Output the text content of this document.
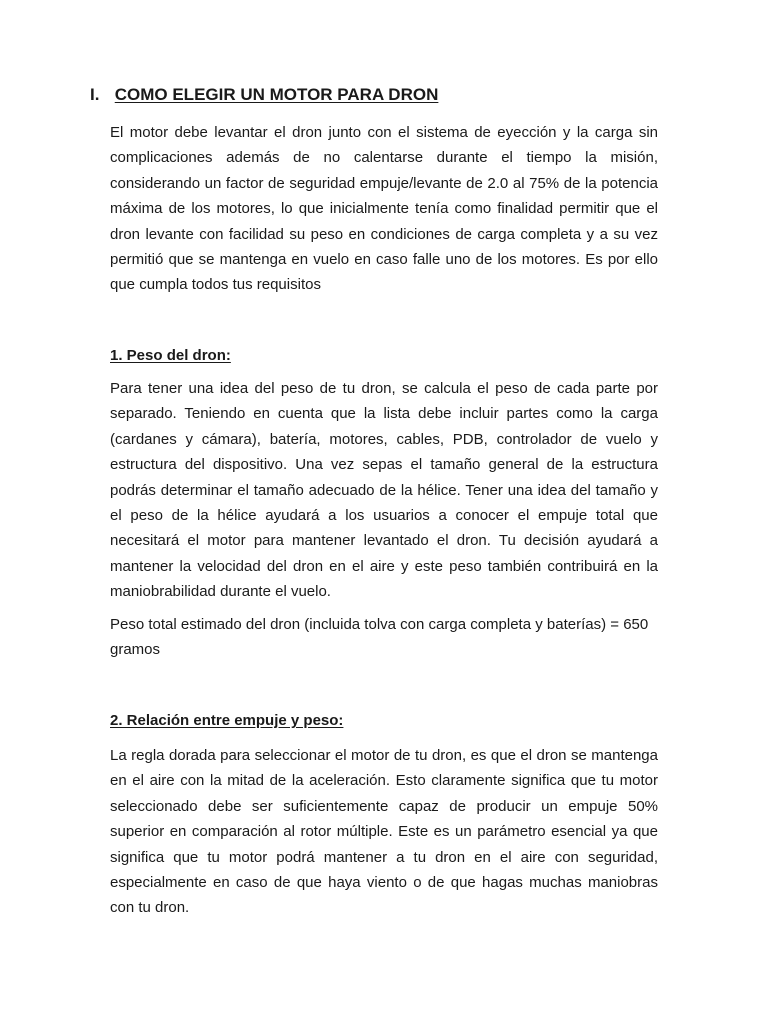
I. COMO ELEGIR UN MOTOR PARA DRON

El motor debe levantar el dron junto con el sistema de eyección y la carga sin complicaciones además de no calentarse durante el tiempo la misión, considerando un factor de seguridad empuje/levante de 2.0 al 75% de la potencia máxima de los motores, lo que inicialmente tenía como finalidad permitir que el dron levante con facilidad su peso en condiciones de carga completa y a su vez permitió que se mantenga en vuelo en caso falle uno de los motores. Es por ello que cumpla todos tus requisitos

1. Peso del dron:

Para tener una idea del peso de tu dron, se calcula el peso de cada parte por separado. Teniendo en cuenta que la lista debe incluir partes como la carga (cardanes y cámara), batería, motores, cables, PDB, controlador de vuelo y estructura del dispositivo. Una vez sepas el tamaño general de la estructura podrás determinar el tamaño adecuado de la hélice. Tener una idea del tamaño y el peso de la hélice ayudará a los usuarios a conocer el empuje total que necesitará el motor para mantener levantado el dron. Tu decisión ayudará a mantener la velocidad del dron en el aire y este peso también contribuirá en la maniobrabilidad durante el vuelo.

Peso total estimado del dron (incluida tolva con carga completa y baterías) = 650 gramos

2. Relación entre empuje y peso:

La regla dorada para seleccionar el motor de tu dron, es que el dron se mantenga en el aire con la mitad de la aceleración. Esto claramente significa que tu motor seleccionado debe ser suficientemente capaz de producir un empuje 50% superior en comparación al rotor múltiple. Este es un parámetro esencial ya que significa que tu motor podrá mantener a tu dron en el aire con seguridad, especialmente en caso de que haya viento o de que hagas muchas maniobras con tu dron.
